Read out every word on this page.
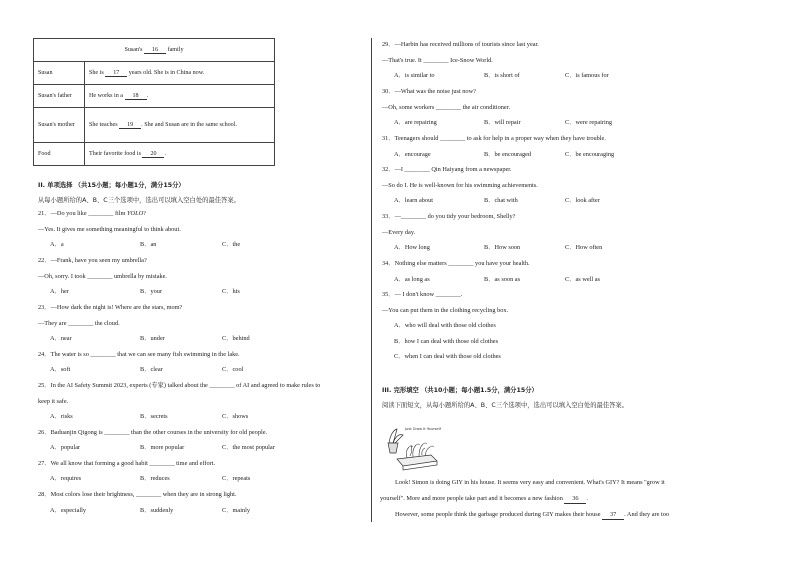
Susan's 16 family	
Susan	She is 17 years old. She is in China now.
Susan's father	He works in a 18 .
Susan's mother	She teaches 19 . She and Susan are in the same school.
Food	Their favorite food is 20 .
II. 单项选择 （共15小题；每小题1分，满分15分）
从每小题所给的A、B、C三个选项中，选出可以填入空白处的最佳答案。
21．—Do you like ________ film YOLO?
—Yes. It gives me something meaningful to think about.
A．a	B．an	C．the
22．—Frank, have you seen my umbrella?
—Oh, sorry. I took ________ umbrella by mistake.
A．her	B．your	C．his
23．—How dark the night is! Where are the stars, mom?
—They are ________ the cloud.
A．near	B．under	C．behind
24．The water is so ________ that we can see many fish swimming in the lake.
A．soft	B．clear	C．cool
25．In the AI Safety Summit 2023, experts (专家) talked about the ________ of AI and agreed to make rules to
keep it safe.
A．risks	B．secrets	C．shows
26．Baduanjin Qigong is ________ than the other courses in the university for old people.
A．popular	B．more popular	C．the most popular
27．We all know that forming a good habit ________ time and effort.
A．requires	B．reduces	C．repeats
28．Most colors lose their brightness, ________ when they are in strong light.
A．especially	B．suddenly	C．mainly
29．—Harbin has received millions of tourists since last year.
—That's true. It ________ Ice-Snow World.
A．is similar to	B．is short of	C．is famous for
30．—What was the noise just now?
—Oh, some workers ________ the air conditioner.
A．are repairing	B．will repair	C．were repairing
31．Teenagers should ________ to ask for help in a proper way when they have trouble.
A．encourage	B．be encouraged	C．be encouraging
32．—I ________ Qin Haiyang from a newspaper.
—So do I. He is well-known for his swimming achievements.
A．learn about	B．chat with	C．look after
33．—________ do you tidy your bedroom, Shelly?
—Every day.
A．How long	B．How soon	C．How often
34．Nothing else matters ________ you have your health.
A．as long as	B．as soon as	C．as well as
35．— I don't know ________.
—You can put them in the clothing recycling box.
A．who will deal with those old clothes
B．how I can deal with those old clothes
C．when I can deal with those old clothes
III. 完形填空 （共10小题；每小题1.5分，满分15分）
阅读下面短文，从每小题所给的A、B、C三个选项中，选出可以填入空白处的最佳答案。
Just Grow It Yourself
Look! Simon is doing GIY in his house. It seems very easy and convenient. What's GIY? It means "grow it
yourself". More and more people take part and it becomes a new fashion 36 .
However, some people think the garbage produced during GIY makes their house 37 . And they are too
